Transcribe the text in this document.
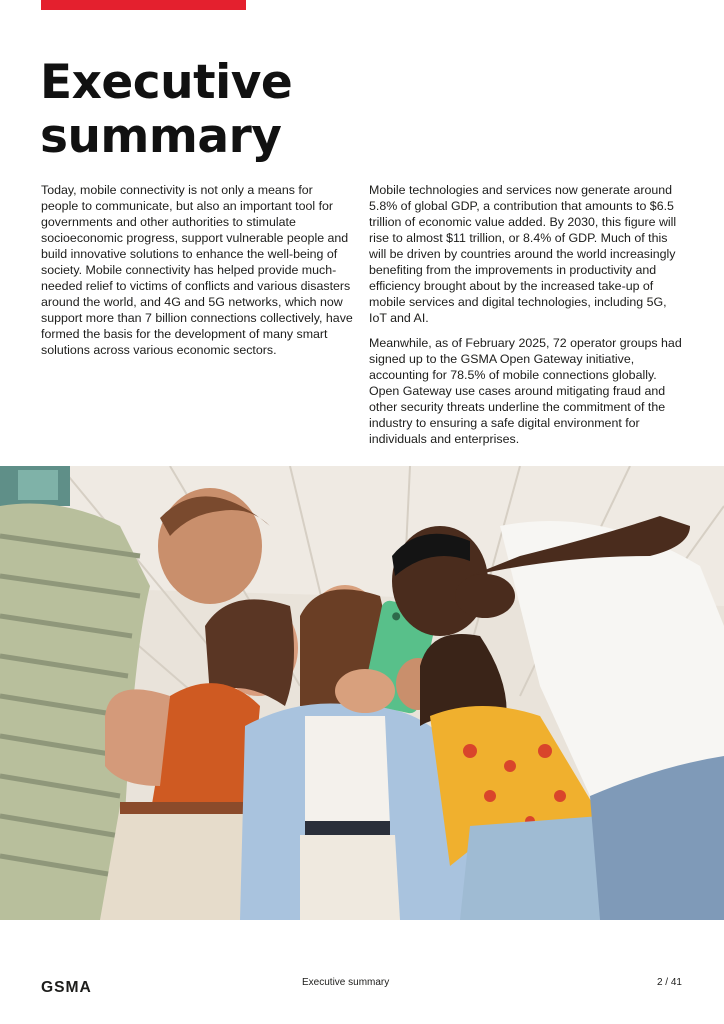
Executive
summary

Today, mobile connectivity is not only a means for people to communicate, but also an important tool for governments and other authorities to stimulate socioeconomic progress, support vulnerable people and build innovative solutions to enhance the well-being of society. Mobile connectivity has helped provide much-needed relief to victims of conflicts and various disasters around the world, and 4G and 5G networks, which now support more than 7 billion connections collectively, have formed the basis for the development of many smart solutions across various economic sectors.

Mobile technologies and services now generate around 5.8% of global GDP, a contribution that amounts to $6.5 trillion of economic value added. By 2030, this figure will rise to almost $11 trillion, or 8.4% of GDP. Much of this will be driven by countries around the world increasingly benefiting from the improvements in productivity and efficiency brought about by the increased take-up of mobile services and digital technologies, including 5G, IoT and AI.

Meanwhile, as of February 2025, 72 operator groups had signed up to the GSMA Open Gateway initiative, accounting for 78.5% of mobile connections globally. Open Gateway use cases around mitigating fraud and other security threats underline the commitment of the industry to ensuring a safe digital environment for individuals and enterprises.

GSMA	Executive summary	2 / 41
